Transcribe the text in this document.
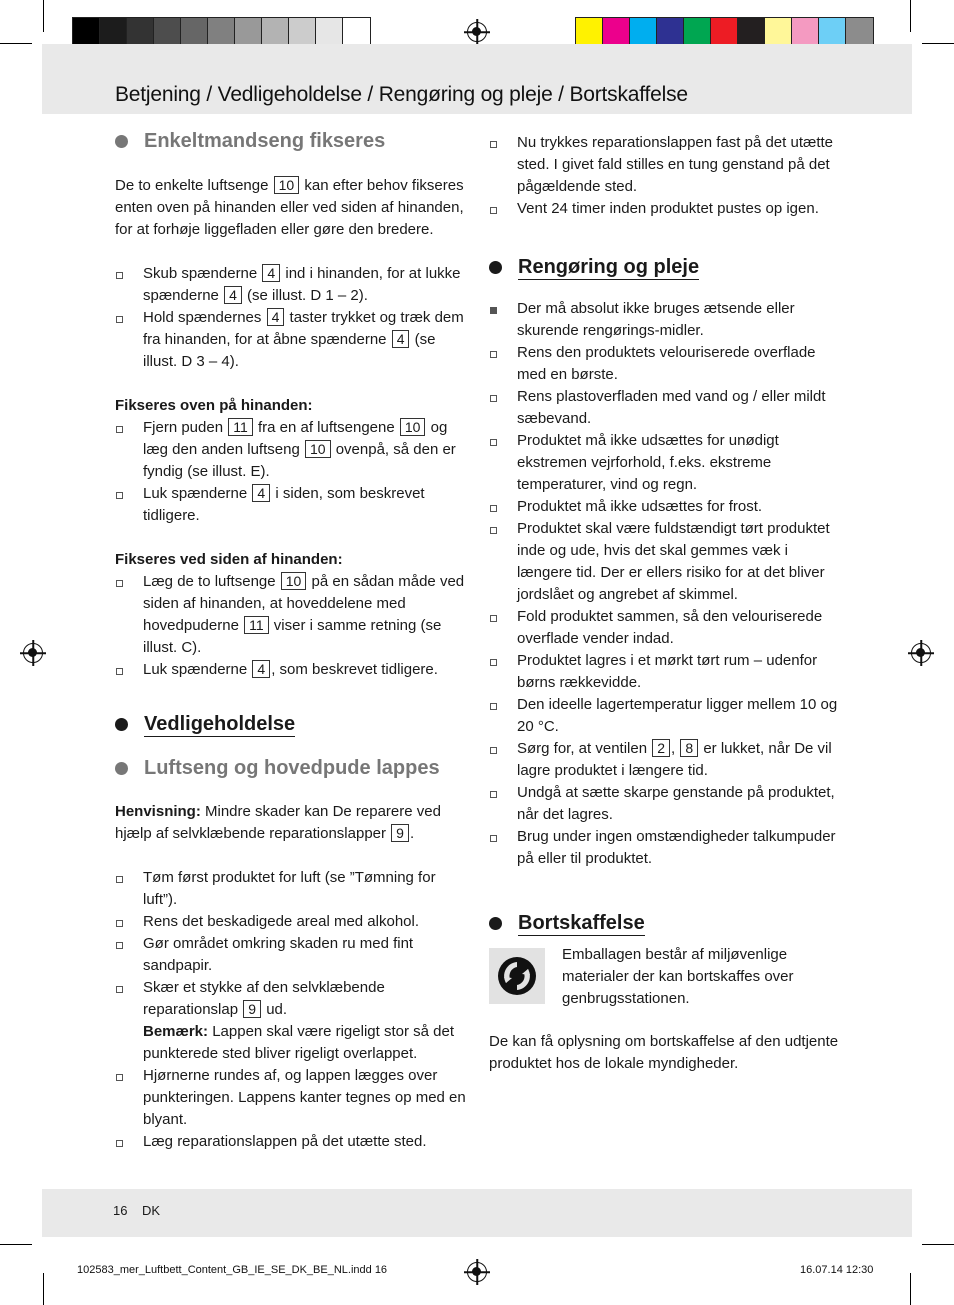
Betjening / Vedligeholdelse / Rengøring og pleje / Bortskaffelse
Enkeltmandseng fikseres

De to enkelte luftsenge 10 kan efter behov fikseres enten oven på hinanden eller ved siden af hinanden, for at forhøje liggefladen eller gøre den bredere.

Skub spænderne 4 ind i hinanden, for at lukke spænderne 4 (se illust. D 1 – 2).
Hold spændernes 4 taster trykket og træk dem fra hinanden, for at åbne spænderne 4 (se illust. D 3 – 4).

Fikseres oven på hinanden:

Fjern puden 11 fra en af luftsengene 10 og læg den anden luftseng 10 ovenpå, så den er fyndig (se illust. E).
Luk spænderne 4 i siden, som beskrevet tidligere.

Fikseres ved siden af hinanden:

Læg de to luftsenge 10 på en sådan måde ved siden af hinanden, at hoveddelene med hovedpuderne 11 viser i samme retning (se illust. C).
Luk spænderne 4 , som beskrevet tidligere.
Vedligeholdelse
Luftseng og hovedpude lappes

Henvisning: Mindre skader kan De reparere ved hjælp af selvklæbende reparationslapper 9 .

Tøm først produktet for luft (se ”Tømning for luft”).
Rens det beskadigede areal med alkohol.
Gør området omkring skaden ru med fint sandpapir.
Skær et stykke af den selvklæbende reparationslap 9 ud.
Bemærk: Lappen skal være rigeligt stor så det punkterede sted bliver rigeligt overlappet.
Hjørnerne rundes af, og lappen lægges over punkteringen. Lappens kanter tegnes op med en blyant.
Læg reparationslappen på det utætte sted.
Nu trykkes reparationslappen fast på det utætte sted. I givet fald stilles en tung genstand på det pågældende sted.
Vent 24 timer inden produktet pustes op igen.
Rengøring og pleje
Der må absolut ikke bruges ætsende eller skurende rengørings-midler.
Rens den produktets velouriserede overflade med en børste.
Rens plastoverfladen med vand og / eller mildt sæbevand.
Produktet må ikke udsættes for unødigt ekstremen vejrforhold, f.eks. ekstreme temperaturer, vind og regn.
Produktet må ikke udsættes for frost.
Produktet skal være fuldstændigt tørt produktet inde og ude, hvis det skal gemmes væk i længere tid. Der er ellers risiko for at det bliver jordslået og angrebet af skimmel.
Fold produktet sammen, så den velouriserede overflade vender indad.
Produktet lagres i et mørkt tørt rum – udenfor børns rækkevidde.
Den ideelle lagertemperatur ligger mellem 10 og 20 °C.
Sørg for, at ventilen 2 , 8 er lukket, når De vil lagre produktet i længere tid.
Undgå at sætte skarpe genstande på produktet, når det lagres.
Brug under ingen omstændigheder talkumpuder på eller til produktet.
Bortskaffelse

Emballagen består af miljøvenlige materialer der kan bortskaffes over genbrugsstationen.

De kan få oplysning om bortskaffelse af den udtjente produktet hos de lokale myndigheder.

16 DK
102583_mer_Luftbett_Content_GB_IE_SE_DK_BE_NL.indd 16	16.07.14 12:30
